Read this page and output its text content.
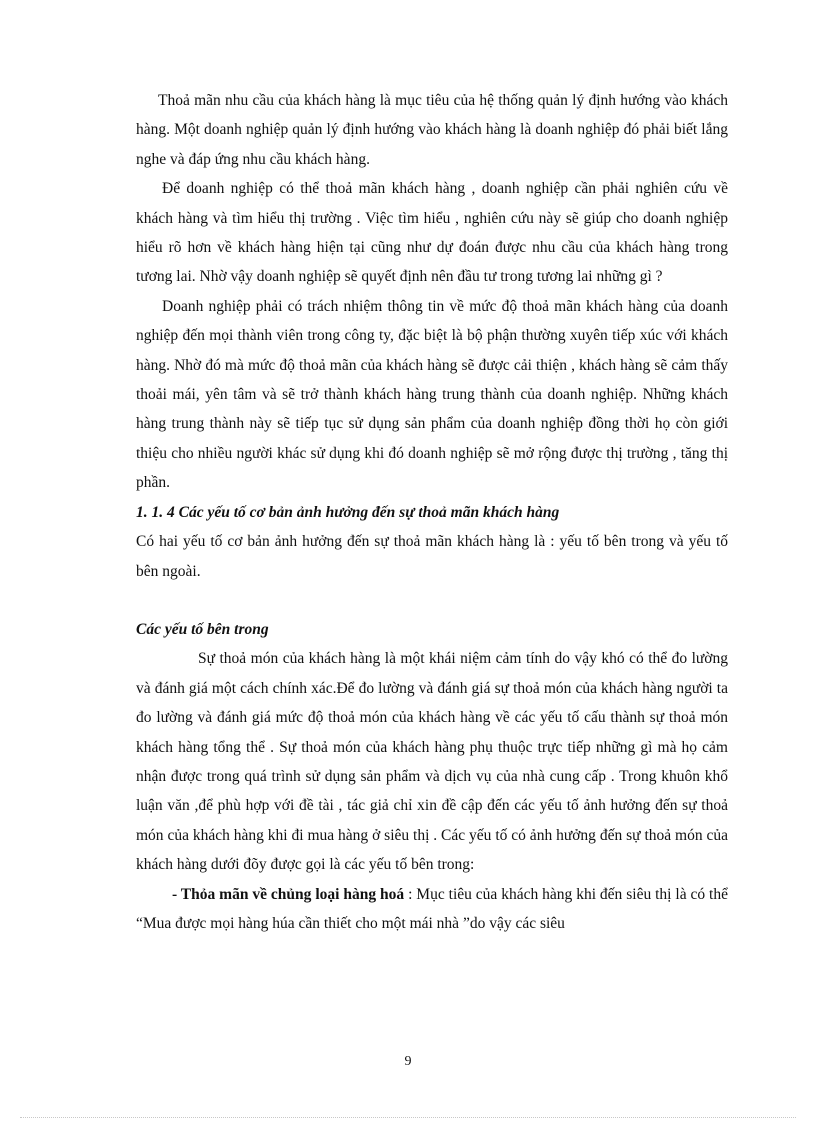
Thoả mãn nhu cầu của khách hàng là mục tiêu của hệ thống quản lý định hướng vào khách hàng. Một doanh nghiệp quản lý định hướng vào khách hàng là doanh nghiệp đó phải biết lắng nghe và đáp ứng nhu cầu khách hàng.

Để doanh nghiệp có thể thoả mãn khách hàng , doanh nghiệp cần phải nghiên cứu về khách hàng và tìm hiểu thị trường . Việc tìm hiểu , nghiên cứu này sẽ giúp cho doanh nghiệp hiểu rõ hơn về khách hàng hiện tại cũng như dự đoán được nhu cầu của khách hàng trong tương lai. Nhờ vậy doanh nghiệp sẽ quyết định nên đầu tư trong tương lai những gì ?

Doanh nghiệp phải có trách nhiệm thông tin về mức độ thoả mãn khách hàng của doanh nghiệp đến mọi thành viên trong công ty, đặc biệt là bộ phận thường xuyên tiếp xúc với khách hàng. Nhờ đó mà mức độ thoả mãn của khách hàng sẽ được cải thiện , khách hàng sẽ cảm thấy thoải mái, yên tâm và sẽ trở thành khách hàng trung thành của doanh nghiệp. Những khách hàng trung thành này sẽ tiếp tục sử dụng sản phẩm của doanh nghiệp đồng thời họ còn giới thiệu cho nhiều người khác sử dụng khi đó doanh nghiệp sẽ mở rộng được thị trường , tăng thị phần.

1. 1. 4 Các yếu tố cơ bản ảnh hưởng đến sự thoả mãn khách hàng

Có hai yếu tố cơ bản ảnh hưởng đến sự thoả mãn khách hàng là : yếu tố bên trong và yếu tố bên ngoài.

Các yếu tố bên trong

Sự thoả món của khách hàng là một khái niệm cảm tính do vậy khó có thể đo lường và đánh giá một cách chính xác.Để đo lường và đánh giá sự thoả món của khách hàng người ta đo lường và đánh giá mức độ thoả món của khách hàng về các yếu tố cấu thành sự thoả món khách hàng tổng thể . Sự thoả món của khách hàng phụ thuộc trực tiếp những gì mà họ cảm nhận được trong quá trình sử dụng sản phẩm và dịch vụ của nhà cung cấp . Trong khuôn khổ luận văn ,để phù hợp với đề tài , tác giả chỉ xin đề cập đến các yếu tố ảnh hưởng đến sự thoả món của khách hàng khi đi mua hàng ở siêu thị . Các yếu tố có ảnh hưởng đến sự thoả món của khách hàng dưới đõy được gọi là các yếu tố bên trong:

- Thỏa mãn về chủng loại hàng hoá : Mục tiêu của khách hàng khi đến siêu thị là có thể “Mua được mọi hàng húa cần thiết cho một mái nhà ”do vậy các siêu

9
